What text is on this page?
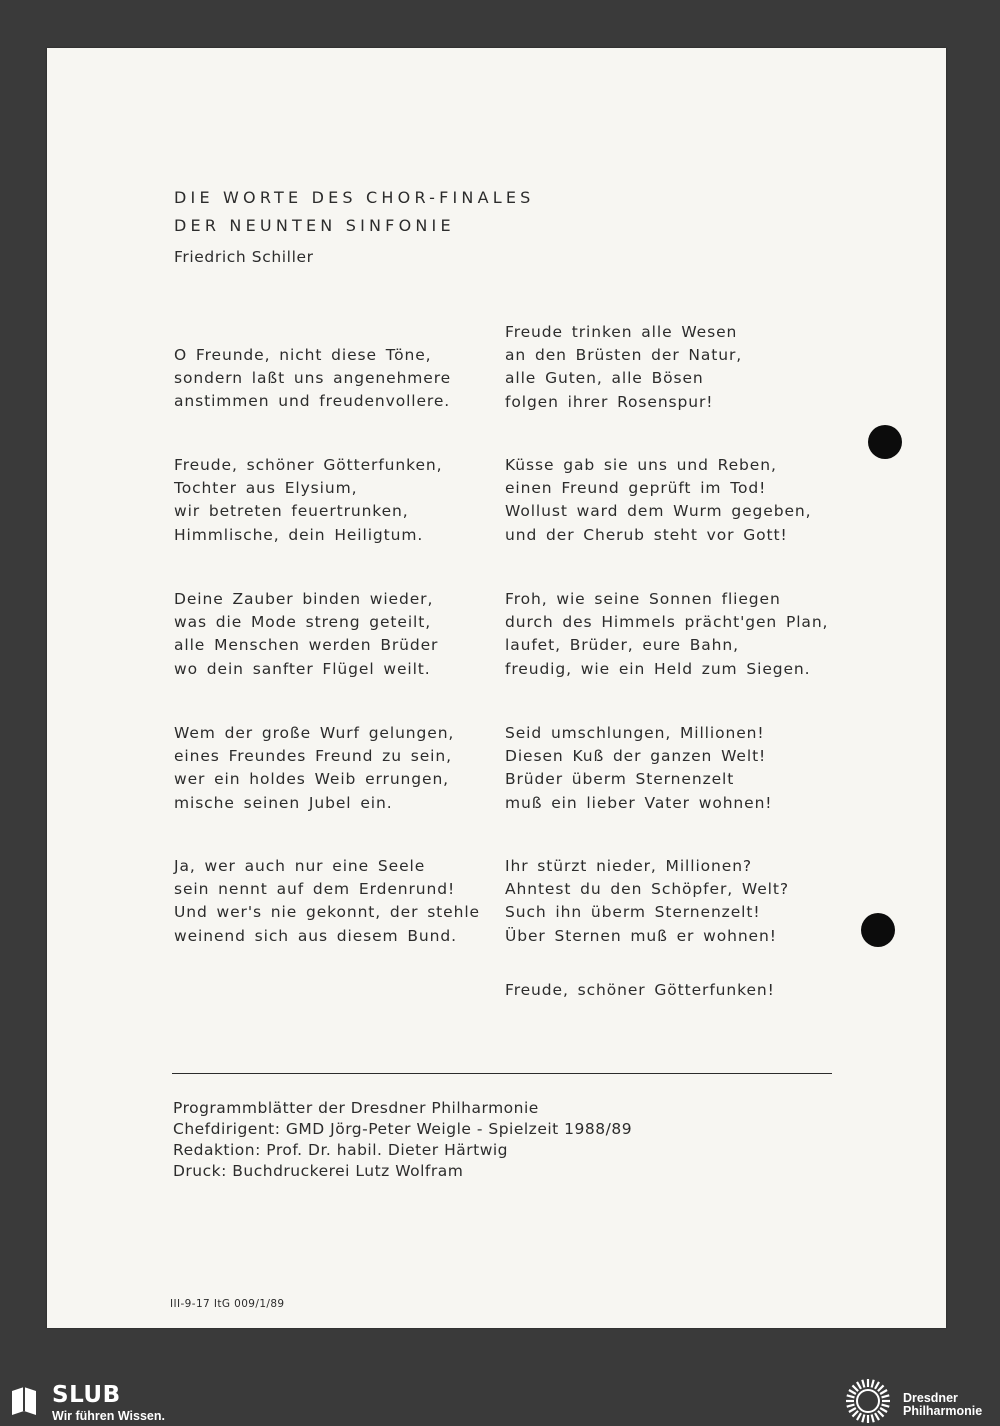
DIE WORTE DES CHOR-FINALES
DER NEUNTEN SINFONIE
Friedrich Schiller
O Freunde, nicht diese Töne,
sondern laßt uns angenehmere
anstimmen und freudenvollere.
Freude, schöner Götterfunken,
Tochter aus Elysium,
wir betreten feuertrunken,
Himmlische, dein Heiligtum.
Deine Zauber binden wieder,
was die Mode streng geteilt,
alle Menschen werden Brüder
wo dein sanfter Flügel weilt.
Wem der große Wurf gelungen,
eines Freundes Freund zu sein,
wer ein holdes Weib errungen,
mische seinen Jubel ein.
Ja, wer auch nur eine Seele
sein nennt auf dem Erdenrund!
Und wer's nie gekonnt, der stehle
weinend sich aus diesem Bund.
Freude trinken alle Wesen
an den Brüsten der Natur,
alle Guten, alle Bösen
folgen ihrer Rosenspur!
Küsse gab sie uns und Reben,
einen Freund geprüft im Tod!
Wollust ward dem Wurm gegeben,
und der Cherub steht vor Gott!
Froh, wie seine Sonnen fliegen
durch des Himmels prächt'gen Plan,
laufet, Brüder, eure Bahn,
freudig, wie ein Held zum Siegen.
Seid umschlungen, Millionen!
Diesen Kuß der ganzen Welt!
Brüder überm Sternenzelt
muß ein lieber Vater wohnen!
Ihr stürzt nieder, Millionen?
Ahntest du den Schöpfer, Welt?
Such ihn überm Sternenzelt!
Über Sternen muß er wohnen!
Freude, schöner Götterfunken!
Programmblätter der Dresdner Philharmonie
Chefdirigent: GMD Jörg-Peter Weigle - Spielzeit 1988/89
Redaktion: Prof. Dr. habil. Dieter Härtwig
Druck: Buchdruckerei Lutz Wolfram
III-9-17 ItG 009/1/89
SLUB
Wir führen Wissen.
Dresdner
Philharmonie
